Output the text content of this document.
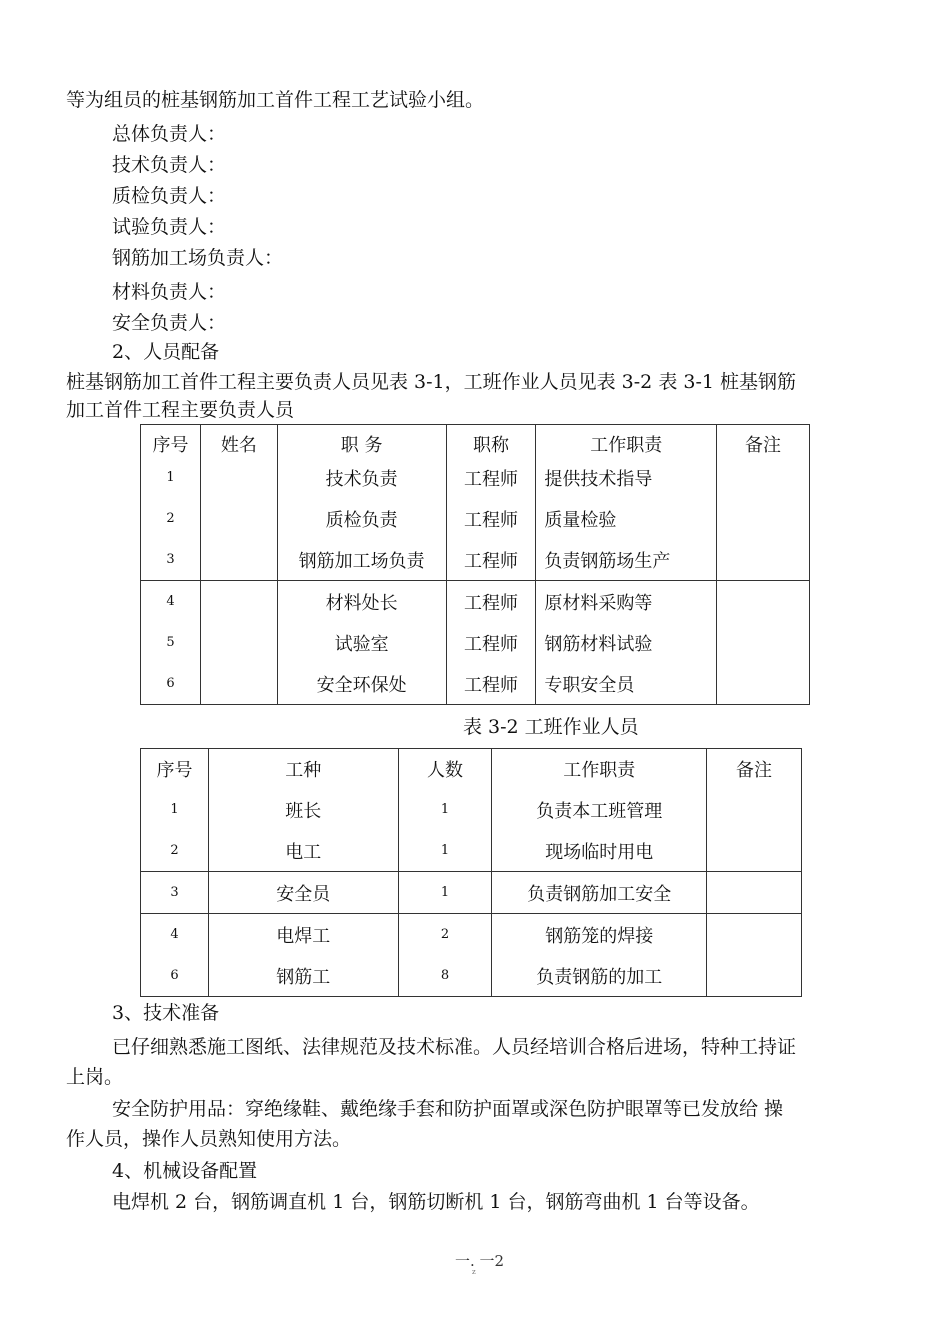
等为组员的桩基钢筋加工首件工程工艺试验小组。
总体负责人：
技术负责人：
质检负责人：
试验负责人：
钢筋加工场负责人：
材料负责人：
安全负责人：
2、人员配备
桩基钢筋加工首件工程主要负责人员见表 3-1，工班作业人员见表 3-2 表 3-1 桩基钢筋
加工首件工程主要负责人员
序号	姓名	职 务	职称	工作职责	备注
1		技术负责	工程师	提供技术指导	
2		质检负责	工程师	质量检验	
3		钢筋加工场负责	工程师	负责钢筋场生产	
4		材料处长	工程师	原材料采购等	
5		试验室	工程师	钢筋材料试验	
6		安全环保处	工程师	专职安全员	
表 3-2 工班作业人员
序号	工种	人数	工作职责	备注
1	班长	1	负责本工班管理	
2	电工	1	现场临时用电	
3	安全员	1	负责钢筋加工安全	
4	电焊工	2	钢筋笼的焊接	
6	钢筋工	8	负责钢筋的加工	
3、技术准备
已仔细熟悉施工图纸、法律规范及技术标准。人员经培训合格后进场，特种工持证
上岗。
安全防护用品：穿绝缘鞋、戴绝缘手套和防护面罩或深色防护眼罩等已发放给 操
作人员，操作人员熟知使用方法。
4、机械设备配置
电焊机 2 台，钢筋调直机 1 台，钢筋切断机 1 台，钢筋弯曲机 1 台等设备。
一. 一2
z
